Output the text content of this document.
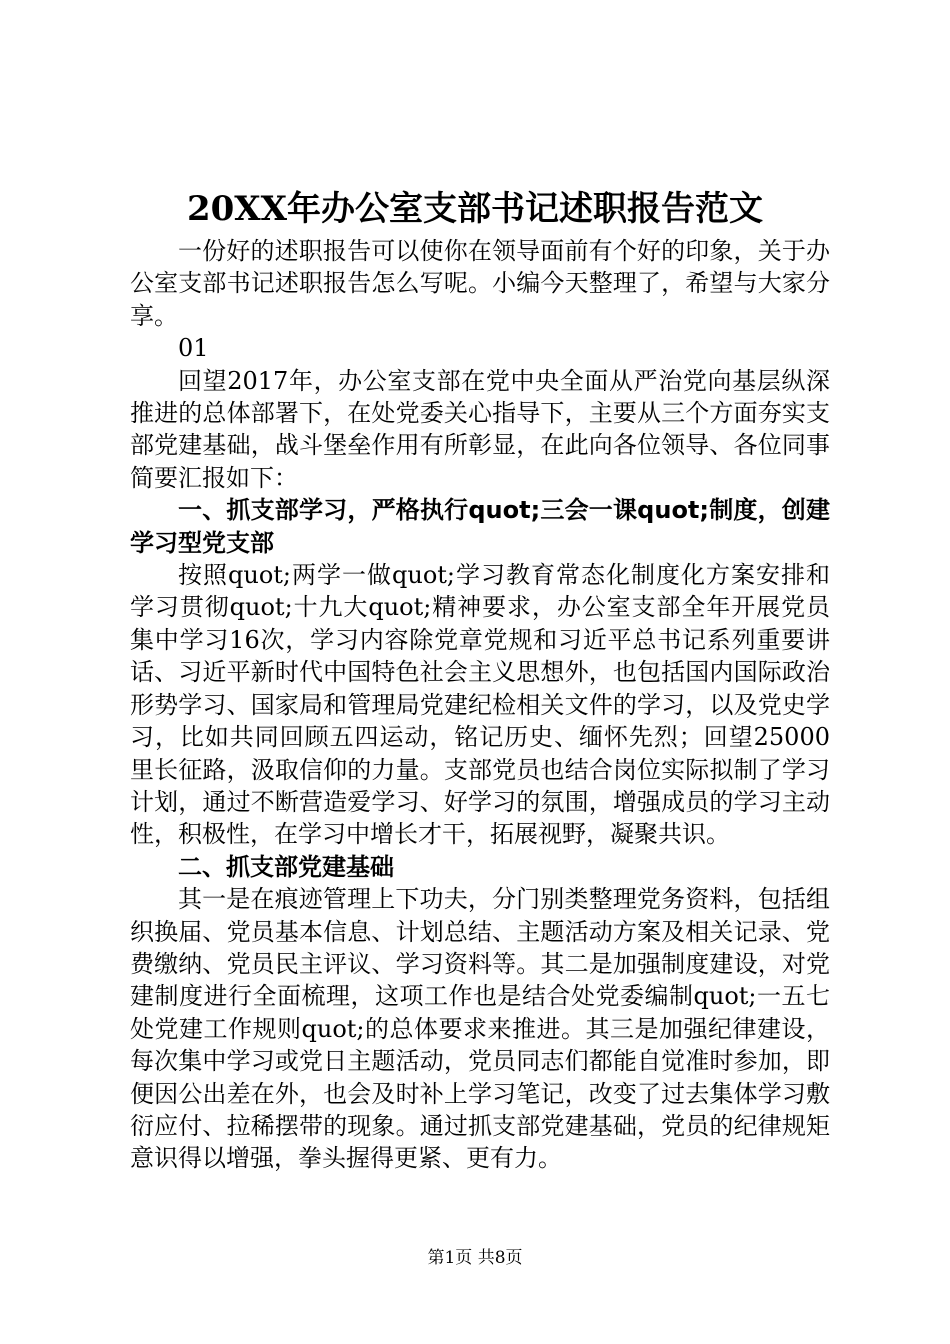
20XX年办公室支部书记述职报告范文

一份好的述职报告可以使你在领导面前有个好的印象，关于办公室支部书记述职报告怎么写呢。小编今天整理了，希望与大家分享。

01

回望2017年，办公室支部在党中央全面从严治党向基层纵深推进的总体部署下，在处党委关心指导下，主要从三个方面夯实支部党建基础，战斗堡垒作用有所彰显，在此向各位领导、各位同事简要汇报如下：

一、抓支部学习，严格执行quot;三会一课quot;制度，创建学习型党支部

按照quot;两学一做quot;学习教育常态化制度化方案安排和学习贯彻quot;十九大quot;精神要求，办公室支部全年开展党员集中学习16次，学习内容除党章党规和习近平总书记系列重要讲话、习近平新时代中国特色社会主义思想外，也包括国内国际政治形势学习、国家局和管理局党建纪检相关文件的学习，以及党史学习，比如共同回顾五四运动，铭记历史、缅怀先烈；回望25000里长征路，汲取信仰的力量。支部党员也结合岗位实际拟制了学习计划，通过不断营造爱学习、好学习的氛围，增强成员的学习主动性，积极性，在学习中增长才干，拓展视野，凝聚共识。

二、抓支部党建基础

其一是在痕迹管理上下功夫，分门别类整理党务资料，包括组织换届、党员基本信息、计划总结、主题活动方案及相关记录、党费缴纳、党员民主评议、学习资料等。其二是加强制度建设，对党建制度进行全面梳理，这项工作也是结合处党委编制quot;一五七处党建工作规则quot;的总体要求来推进。其三是加强纪律建设，每次集中学习或党日主题活动，党员同志们都能自觉准时参加，即便因公出差在外，也会及时补上学习笔记，改变了过去集体学习敷衍应付、拉稀摆带的现象。通过抓支部党建基础，党员的纪律规矩意识得以增强，拳头握得更紧、更有力。

第1页 共8页
